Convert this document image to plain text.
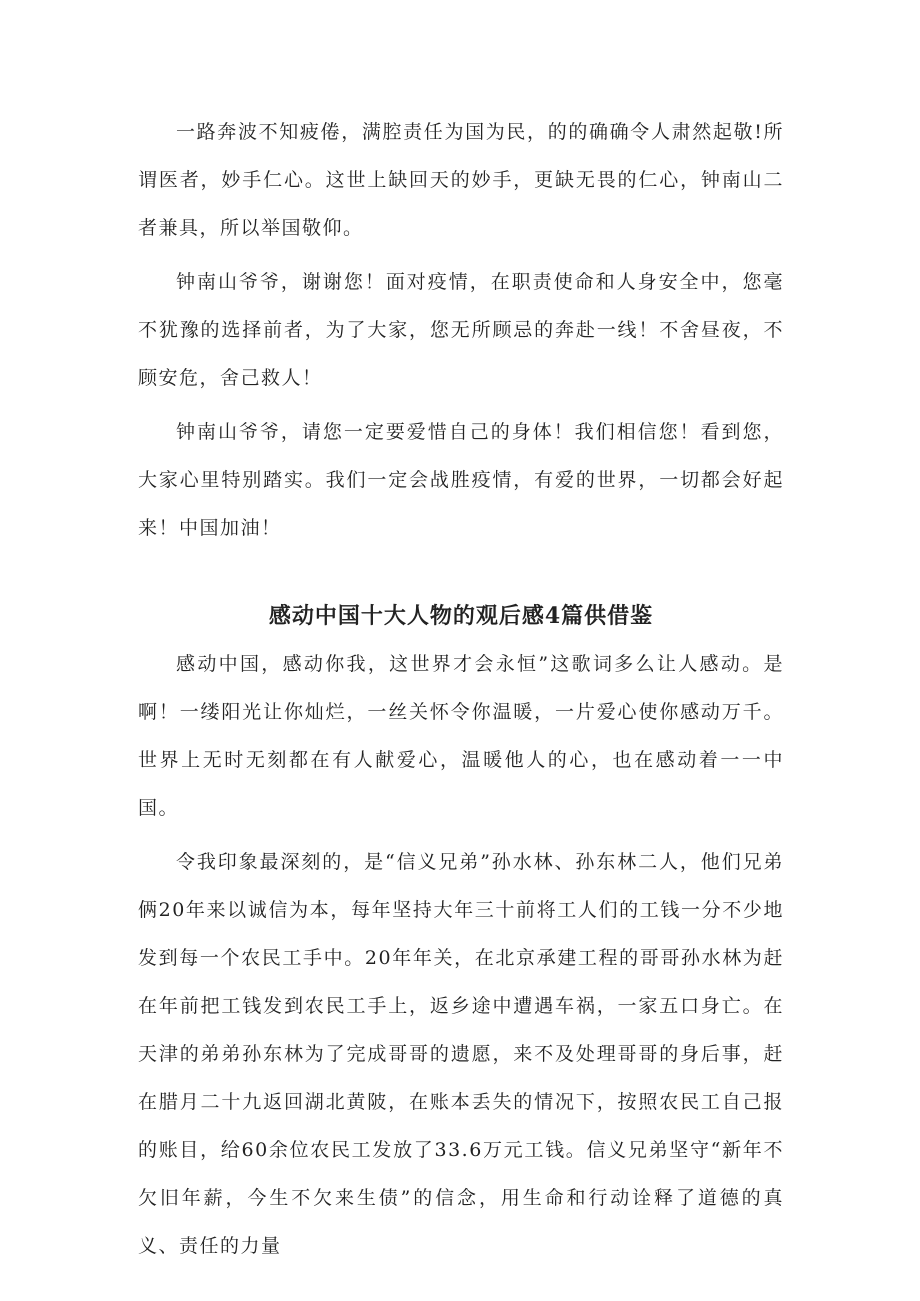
一路奔波不知疲倦，满腔责任为国为民，的的确确令人肃然起敬!所谓医者，妙手仁心。这世上缺回天的妙手，更缺无畏的仁心，钟南山二者兼具，所以举国敬仰。

钟南山爷爷，谢谢您！面对疫情，在职责使命和人身安全中，您毫不犹豫的选择前者，为了大家，您无所顾忌的奔赴一线！不舍昼夜，不顾安危，舍己救人！

钟南山爷爷，请您一定要爱惜自己的身体！我们相信您！看到您，大家心里特别踏实。我们一定会战胜疫情，有爱的世界，一切都会好起来！中国加油！

感动中国十大人物的观后感4篇供借鉴

感动中国，感动你我，这世界才会永恒”这歌词多么让人感动。是啊！一缕阳光让你灿烂，一丝关怀令你温暖，一片爱心使你感动万千。世界上无时无刻都在有人献爱心，温暖他人的心，也在感动着一一中国。

令我印象最深刻的，是“信义兄弟”孙水林、孙东林二人，他们兄弟俩20年来以诚信为本，每年坚持大年三十前将工人们的工钱一分不少地发到每一个农民工手中。20年年关，在北京承建工程的哥哥孙水林为赶在年前把工钱发到农民工手上，返乡途中遭遇车祸，一家五口身亡。在天津的弟弟孙东林为了完成哥哥的遗愿，来不及处理哥哥的身后事，赶在腊月二十九返回湖北黄陂，在账本丢失的情况下，按照农民工自己报的账目，给60余位农民工发放了33.6万元工钱。信义兄弟坚守“新年不欠旧年薪，今生不欠来生债”的信念，用生命和行动诠释了道德的真义、责任的力量
